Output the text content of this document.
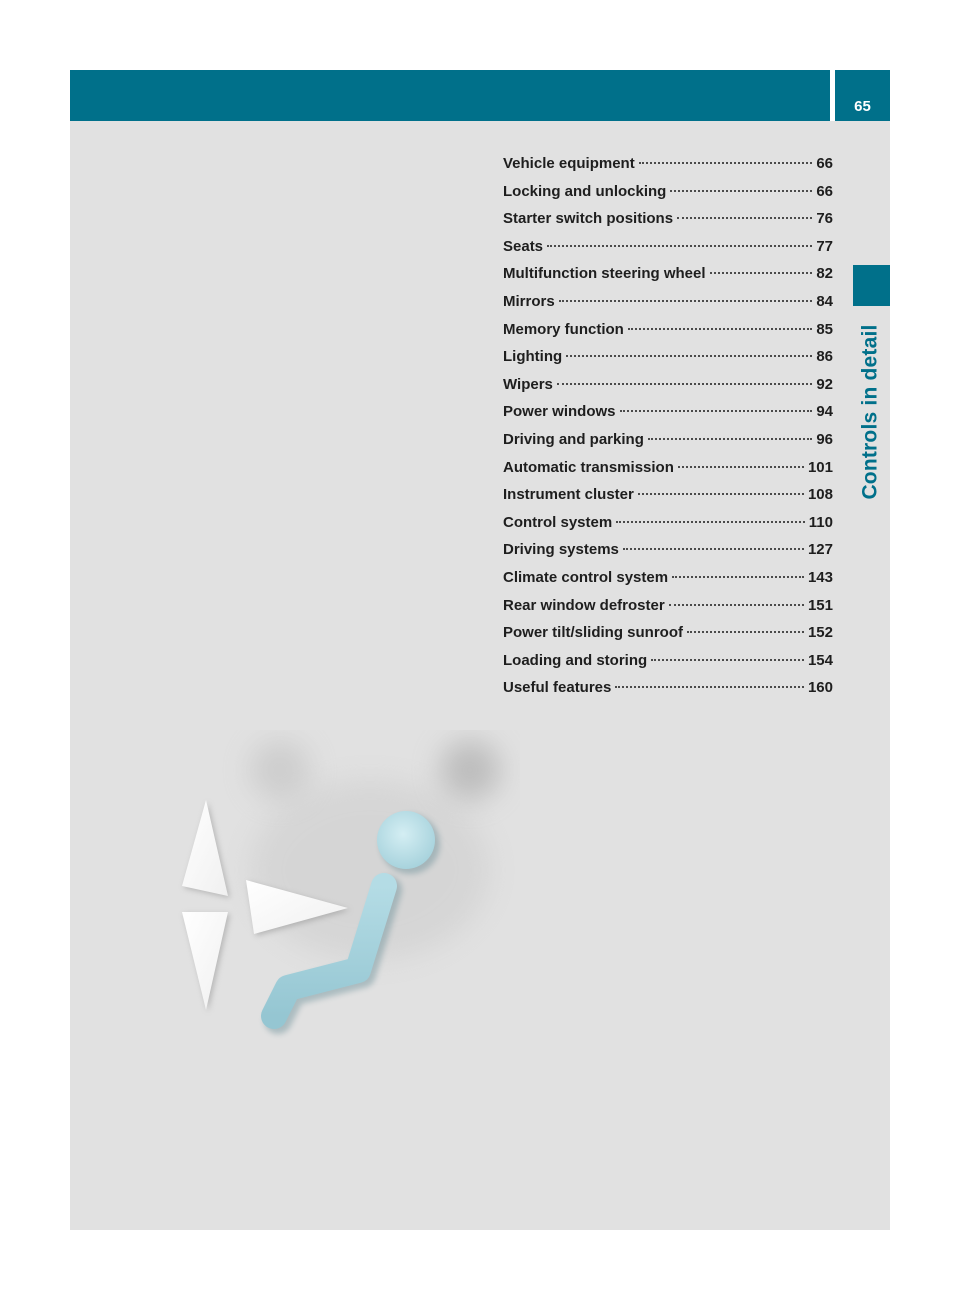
65
Controls in detail
Vehicle equipment	66
Locking and unlocking	66
Starter switch positions	76
Seats	77
Multifunction steering wheel	82
Mirrors	84
Memory function	85
Lighting	86
Wipers	92
Power windows	94
Driving and parking	96
Automatic transmission	101
Instrument cluster	108
Control system	110
Driving systems	127
Climate control system	143
Rear window defroster	151
Power tilt/sliding sunroof	152
Loading and storing	154
Useful features	160
